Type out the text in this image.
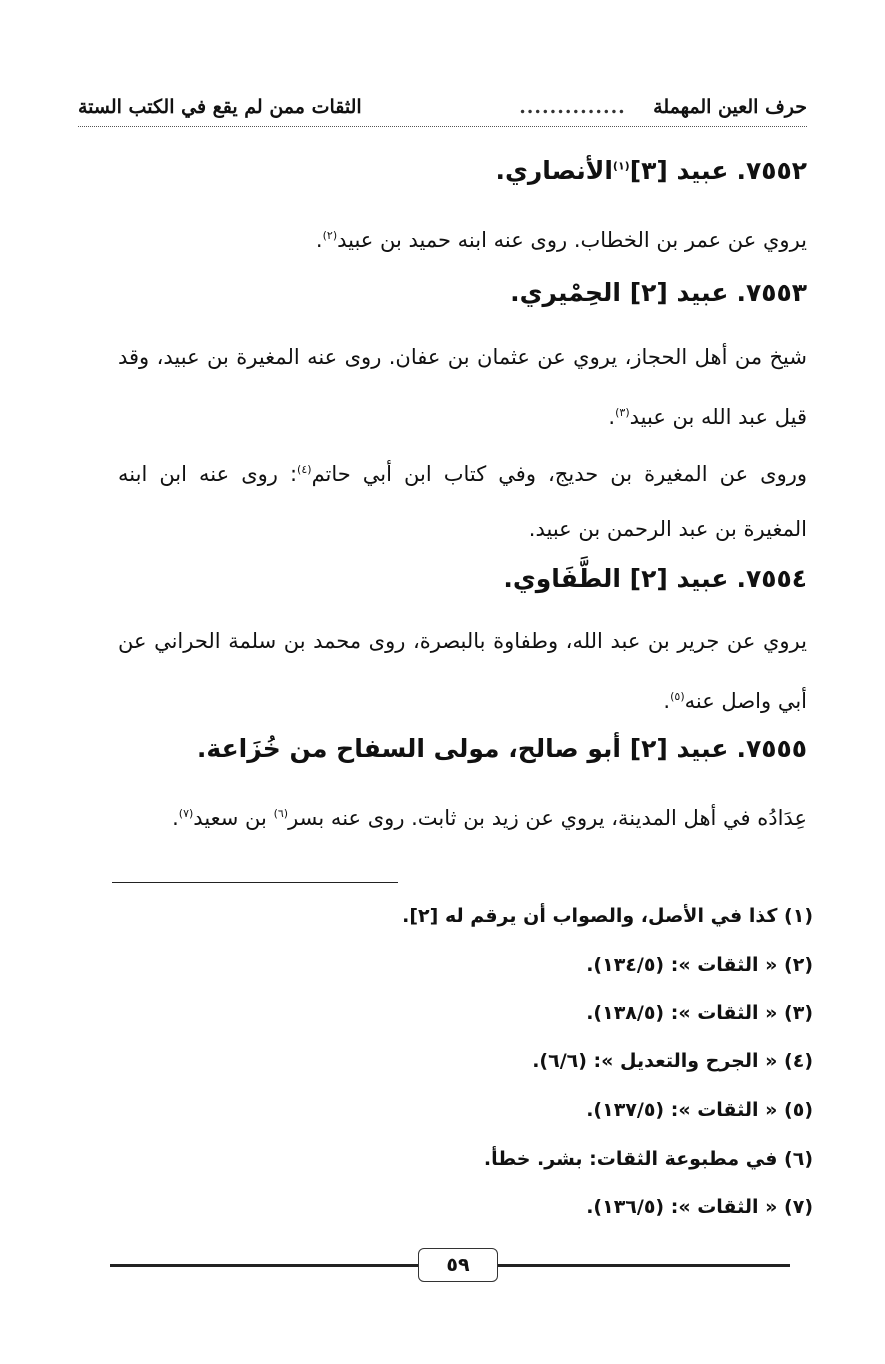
حرف العين المهملة
..............
الثقات ممن لم يقع في الكتب الستة
٧٥٥٢.عبيد [٣]$^{(١)}$الأنصاري.
يروي عن عمر بن الخطاب. روى عنه ابنه حميد بن عبيد$^{(٢)}$.
٧٥٥٣.عبيد [٢] الحِمْيري.
شيخ من أهل الحجاز، يروي عن عثمان بن عفان. روى عنه المغيرة بن عبيد، وقد قيل عبد الله بن عبيد$^{(٣)}$.
وروى عن المغيرة بن حديج، وفي كتاب ابن أبي حاتم$^{(٤)}$: روى عنه ابن ابنه المغيرة بن عبد الرحمن بن عبيد.
٧٥٥٤.عبيد [٢] الطَّفَاوي.
يروي عن جرير بن عبد الله، وطفاوة بالبصرة، روى محمد بن سلمة الحراني عن أبي واصل عنه$^{(٥)}$.
٧٥٥٥.عبيد [٢] أبو صالح، مولى السفاح من خُزَاعة.
عِدَادُه في أهل المدينة، يروي عن زيد بن ثابت. روى عنه بسر$^{(٦)}$ بن سعيد$^{(٧)}$.
(١) كذا في الأصل، والصواب أن يرقم له [٢].
(٢) « الثقات »: (١٣٤/٥).
(٣) « الثقات »: (١٣٨/٥).
(٤) « الجرح والتعديل »: (٦/٦).
(٥) « الثقات »: (١٣٧/٥).
(٦) في مطبوعة الثقات: بشر. خطأ.
(٧) « الثقات »: (١٣٦/٥).
٥٩
